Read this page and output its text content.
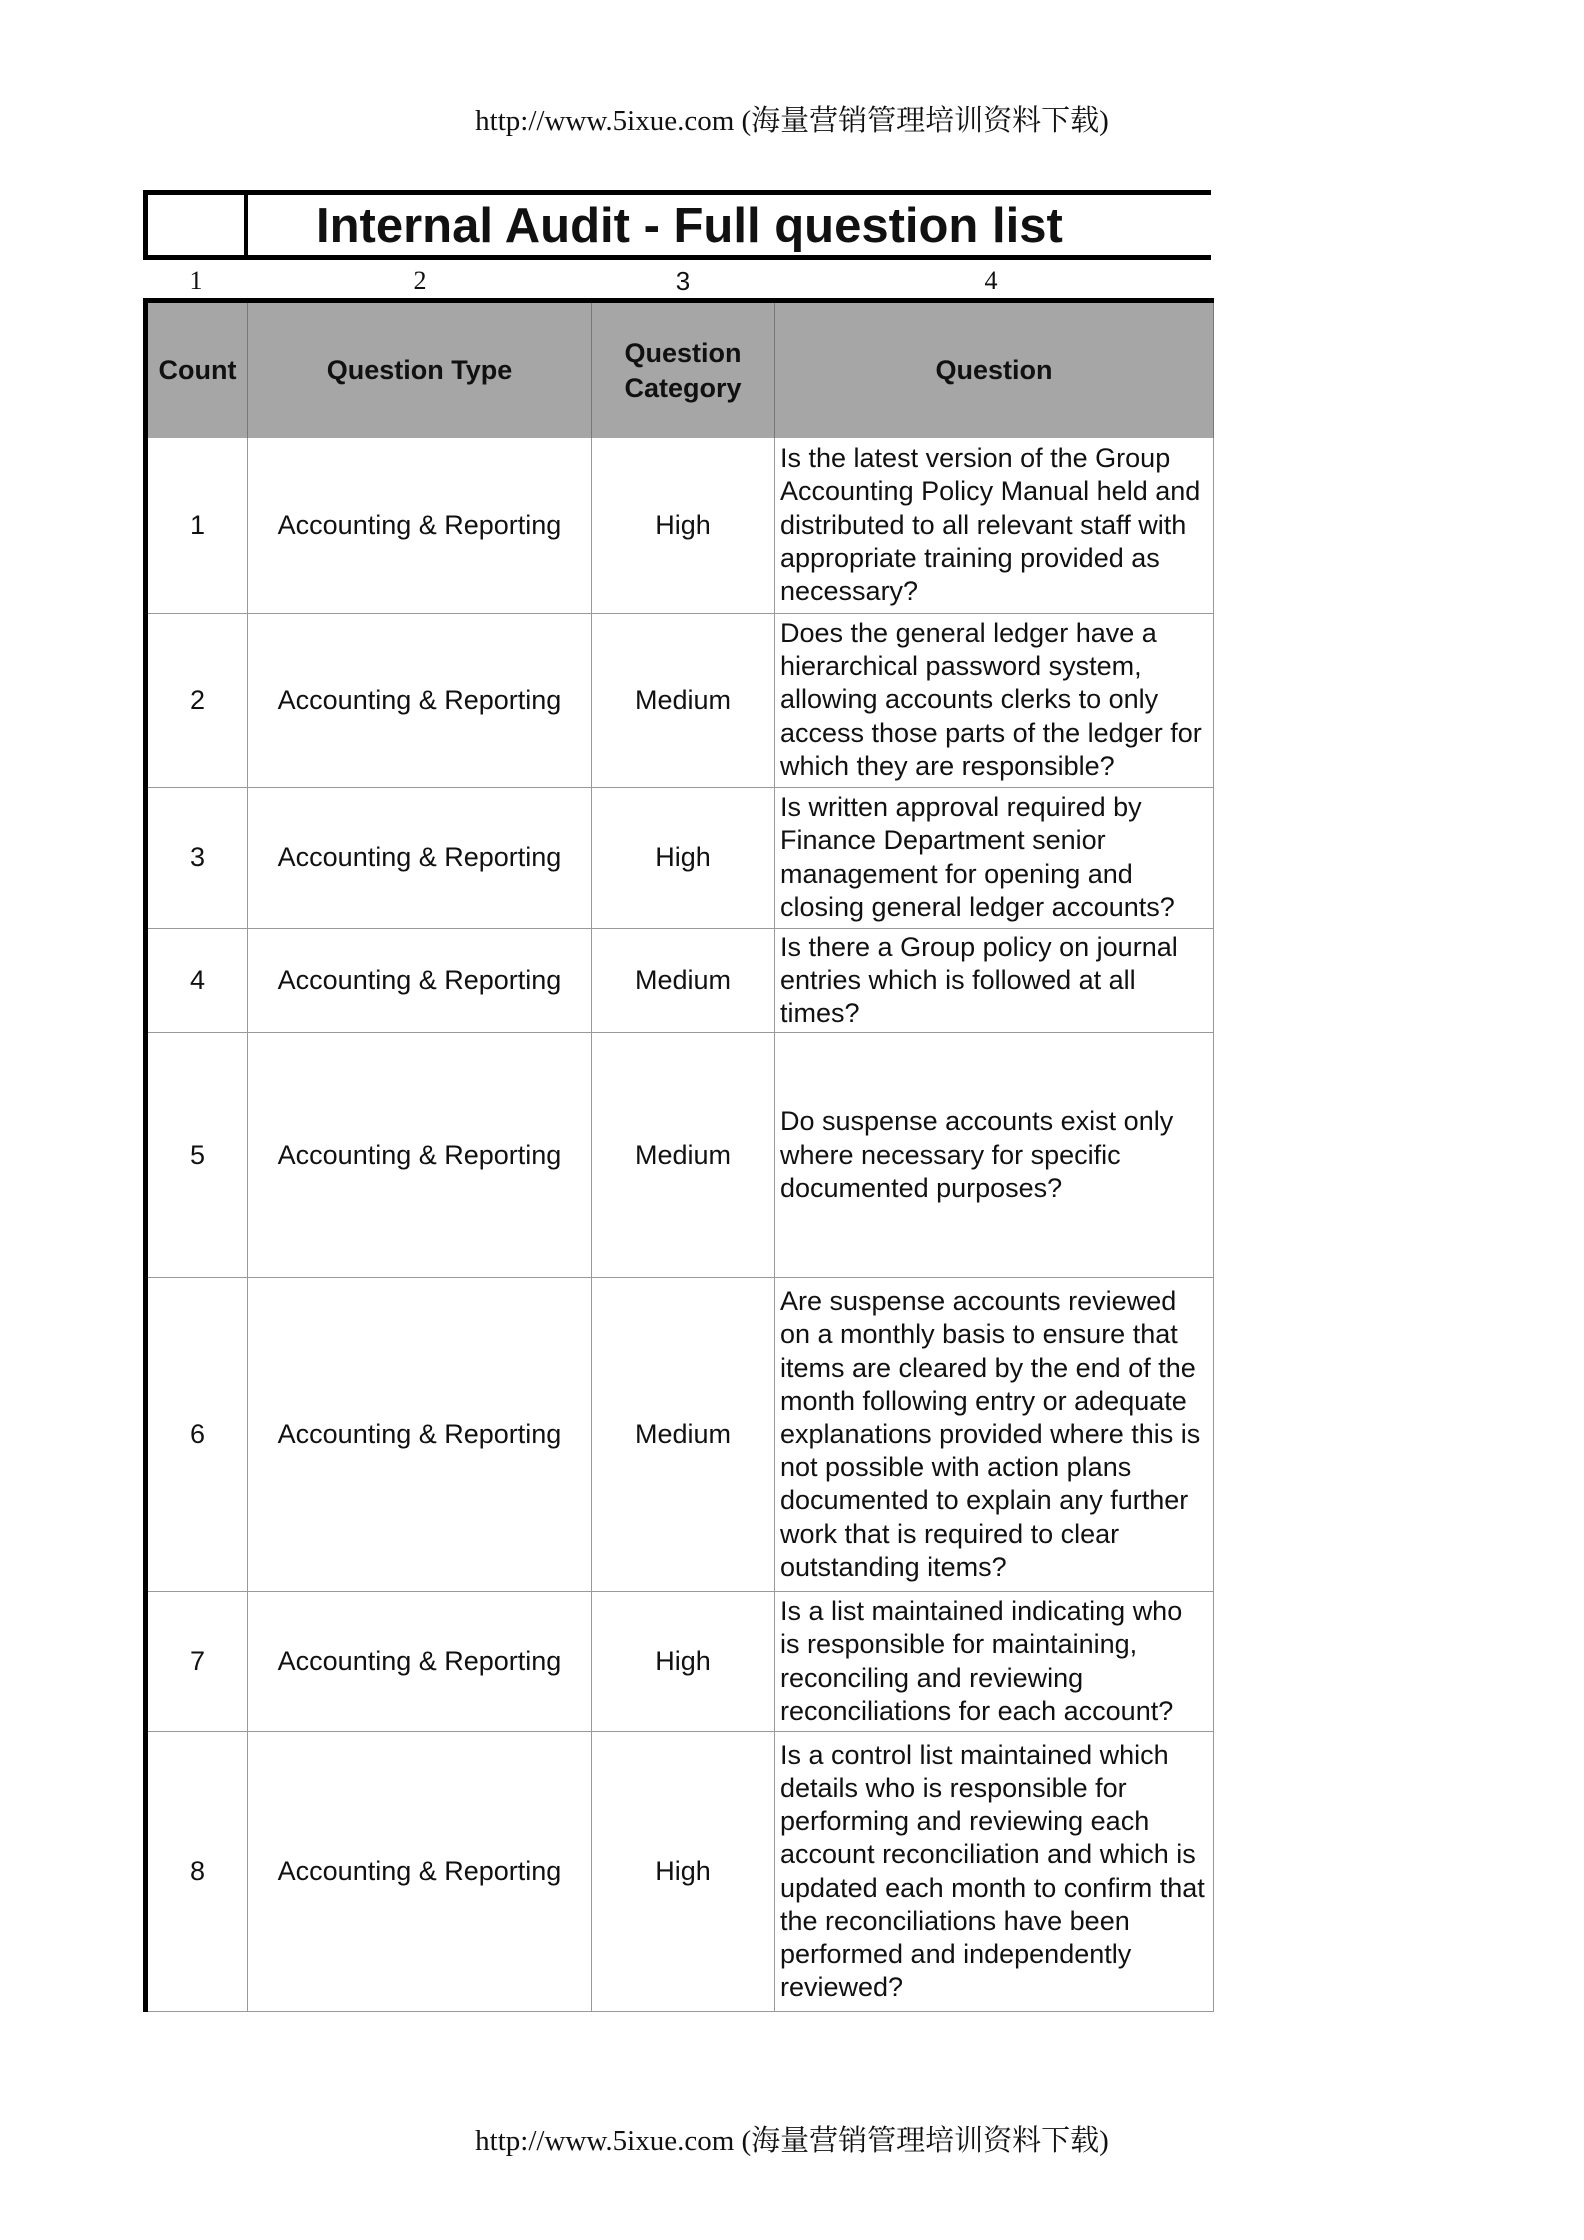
http://www.5ixue.com (海量营销管理培训资料下载)
Internal Audit - Full question list
1	2	3	4
Count	Question Type	Question Category	Question
1	Accounting & Reporting	High	Is the latest version of the Group Accounting Policy Manual held and distributed to all relevant staff with appropriate training provided as necessary?
2	Accounting & Reporting	Medium	Does the general ledger have a hierarchical password system, allowing accounts clerks to only access those parts of the ledger for which they are responsible?
3	Accounting & Reporting	High	Is written approval required by Finance Department senior management for opening and closing general ledger accounts?
4	Accounting & Reporting	Medium	Is there a Group policy on journal entries which is followed at all times?
5	Accounting & Reporting	Medium	Do suspense accounts exist only where necessary for specific documented purposes?
6	Accounting & Reporting	Medium	Are suspense accounts reviewed on a monthly basis to ensure that items are cleared by the end of the month following entry or adequate explanations provided where this is not possible with action plans documented to explain any further work that is required to clear outstanding items?
7	Accounting & Reporting	High	Is a list maintained indicating who is responsible for maintaining, reconciling and reviewing reconciliations for each account?
8	Accounting & Reporting	High	Is a control list maintained which details who is responsible for performing and reviewing each account reconciliation and which is updated each month to confirm that the reconciliations have been performed and independently reviewed?
http://www.5ixue.com (海量营销管理培训资料下载)
